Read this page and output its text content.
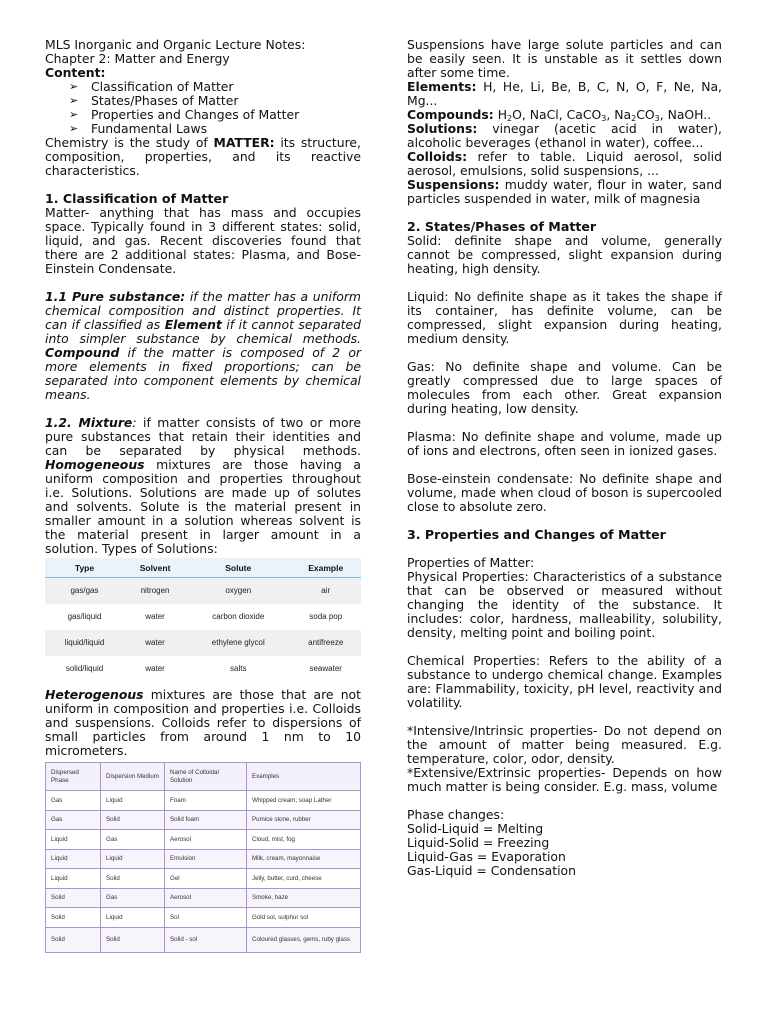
MLS Inorganic and Organic Lecture Notes:

Chapter 2: Matter and Energy

Content:

➢ Classification of Matter
➢ States/Phases of Matter
➢ Properties and Changes of Matter
➢ Fundamental Laws

Chemistry is the study of MATTER: its structure, composition, properties, and its reactive characteristics.

1. Classification of Matter

Matter- anything that has mass and occupies space. Typically found in 3 different states: solid, liquid, and gas. Recent discoveries found that there are 2 additional states: Plasma, and Bose-Einstein Condensate.

1.1 Pure substance: if the matter has a uniform chemical composition and distinct properties. It can if classified as Element if it cannot separated into simpler substance by chemical methods. Compound if the matter is composed of 2 or more elements in fixed proportions; can be separated into component elements by chemical means.

1.2. Mixture: if matter consists of two or more pure substances that retain their identities and can be separated by physical methods. Homogeneous mixtures are those having a uniform composition and properties throughout i.e. Solutions. Solutions are made up of solutes and solvents. Solute is the material present in smaller amount in a solution whereas solvent is the material present in larger amount in a solution. Types of Solutions:

Type	Solvent	Solute	Example
gas/gas	nitrogen	oxygen	air
gas/liquid	water	carbon dioxide	soda pop
liquid/liquid	water	ethylene glycol	antifreeze
solid/liquid	water	salts	seawater

Heterogenous mixtures are those that are not uniform in composition and properties i.e. Colloids and suspensions. Colloids refer to dispersions of small particles from around 1 nm to 10 micrometers.

Dispersed Phase	Dispersion Medium	Name of Colloidal Solution	Examples
Gas	Liquid	Foam	Whipped cream, soap Lather
Gas	Solid	Solid foam	Pumice stone, rubber
Liquid	Gas	Aerosol	Cloud, mist, fog
Liquid	Liquid	Emulsion	Milk, cream, mayonnaise
Liquid	Solid	Gel	Jelly, butter, curd, cheese
Solid	Gas	Aerosol	Smoke, haze
Solid	Liquid	Sol	Gold sol, sulphur sol
Solid	Solid	Solid - sol	Coloured glasses, gems, ruby glass

Suspensions have large solute particles and can be easily seen. It is unstable as it settles down after some time.

Elements: H, He, Li, Be, B, C, N, O, F, Ne, Na, Mg...

Compounds: $H_2O$, NaCl, CaCO$_3$, $Na_2CO_3$, NaOH..

Solutions: vinegar (acetic acid in water), alcoholic beverages (ethanol in water), coffee...

Colloids: refer to table. Liquid aerosol, solid aerosol, emulsions, solid suspensions, ...

Suspensions: muddy water, flour in water, sand particles suspended in water, milk of magnesia

2. States/Phases of Matter

Solid: definite shape and volume, generally cannot be compressed, slight expansion during heating, high density.

Liquid: No definite shape as it takes the shape if its container, has definite volume, can be compressed, slight expansion during heating, medium density.

Gas: No definite shape and volume. Can be greatly compressed due to large spaces of molecules from each other. Great expansion during heating, low density.

Plasma: No definite shape and volume, made up of ions and electrons, often seen in ionized gases.

Bose-einstein condensate: No definite shape and volume, made when cloud of boson is supercooled close to absolute zero.

3. Properties and Changes of Matter

Properties of Matter:

Physical Properties: Characteristics of a substance that can be observed or measured without changing the identity of the substance. It includes: color, hardness, malleability, solubility, density, melting point and boiling point.

Chemical Properties: Refers to the ability of a substance to undergo chemical change. Examples are: Flammability, toxicity, pH level, reactivity and volatility.

*Intensive/Intrinsic properties- Do not depend on the amount of matter being measured. E.g. temperature, color, odor, density.

*Extensive/Extrinsic properties- Depends on how much matter is being consider. E.g. mass, volume

Phase changes:

Solid-Liquid = Melting

Liquid-Solid = Freezing

Liquid-Gas = Evaporation

Gas-Liquid = Condensation
